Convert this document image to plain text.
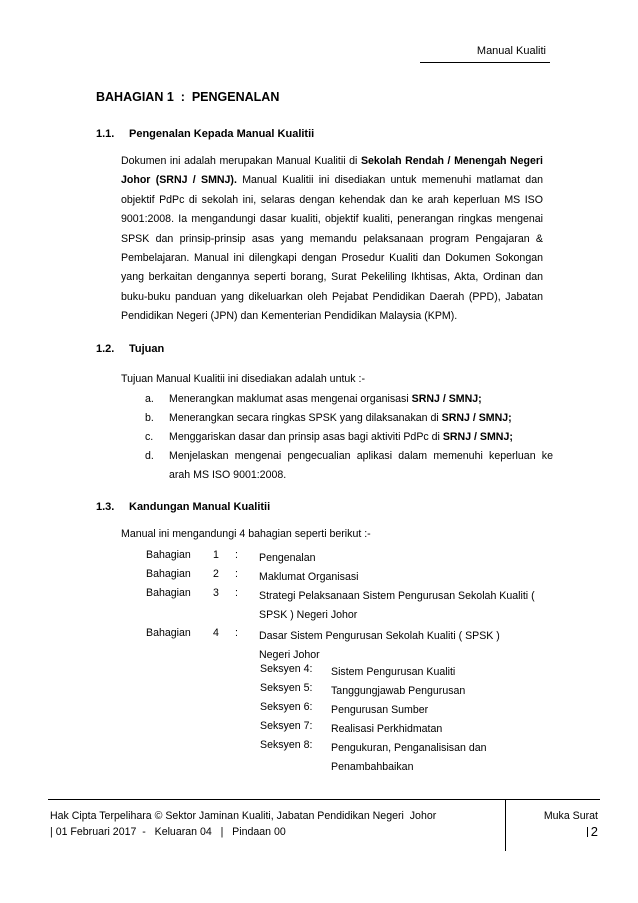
Manual Kualiti
BAHAGIAN 1  :  PENGENALAN
1.1. Pengenalan Kepada Manual Kualitii

Dokumen ini adalah merupakan Manual Kualitii di Sekolah Rendah / Menengah Negeri Johor (SRNJ / SMNJ). Manual Kualitii ini disediakan untuk memenuhi matlamat dan objektif PdPc di sekolah ini, selaras dengan kehendak dan ke arah keperluan MS ISO 9001:2008. Ia mengandungi dasar kualiti, objektif kualiti, penerangan ringkas mengenai SPSK dan prinsip-prinsip asas yang memandu pelaksanaan program Pengajaran & Pembelajaran. Manual ini dilengkapi dengan Prosedur Kualiti dan Dokumen Sokongan yang berkaitan dengannya seperti borang, Surat Pekeliling Ikhtisas, Akta, Ordinan dan buku-buku panduan yang dikeluarkan oleh Pejabat Pendidikan Daerah (PPD), Jabatan Pendidikan Negeri (JPN) dan Kementerian Pendidikan Malaysia (KPM).

1.2. Tujuan
Tujuan Manual Kualitii ini disediakan adalah untuk :-
a.	Menerangkan maklumat asas mengenai organisasi SRNJ / SMNJ;
b.	Menerangkan secara ringkas SPSK yang dilaksanakan di SRNJ / SMNJ;
c.	Menggariskan dasar dan prinsip asas bagi aktiviti PdPc di SRNJ / SMNJ;
d.	Menjelaskan mengenai pengecualian aplikasi dalam memenuhi keperluan ke arah MS ISO 9001:2008.
1.3. Kandungan Manual Kualitii
Manual ini mengandungi 4 bahagian seperti berikut :-
Bahagian 1 : Pengenalan
Bahagian 2 : Maklumat Organisasi
Bahagian 3 : Strategi Pelaksanaan Sistem Pengurusan Sekolah Kualiti ( SPSK ) Negeri Johor
Bahagian 4 : Dasar Sistem Pengurusan Sekolah Kualiti ( SPSK ) Negeri Johor
Seksyen 4: Sistem Pengurusan Kualiti
Seksyen 5: Tanggungjawab Pengurusan
Seksyen 6: Pengurusan Sumber
Seksyen 7: Realisasi Perkhidmatan
Seksyen 8: Pengukuran, Penganalisisan dan Penambahbaikan
Hak Cipta Terpelihara © Sektor Jaminan Kualiti, Jabatan Pendidikan Negeri  Johor
| 01 Februari 2017  -   Keluaran 04   |   Pindaan 00
Muka Surat
2
